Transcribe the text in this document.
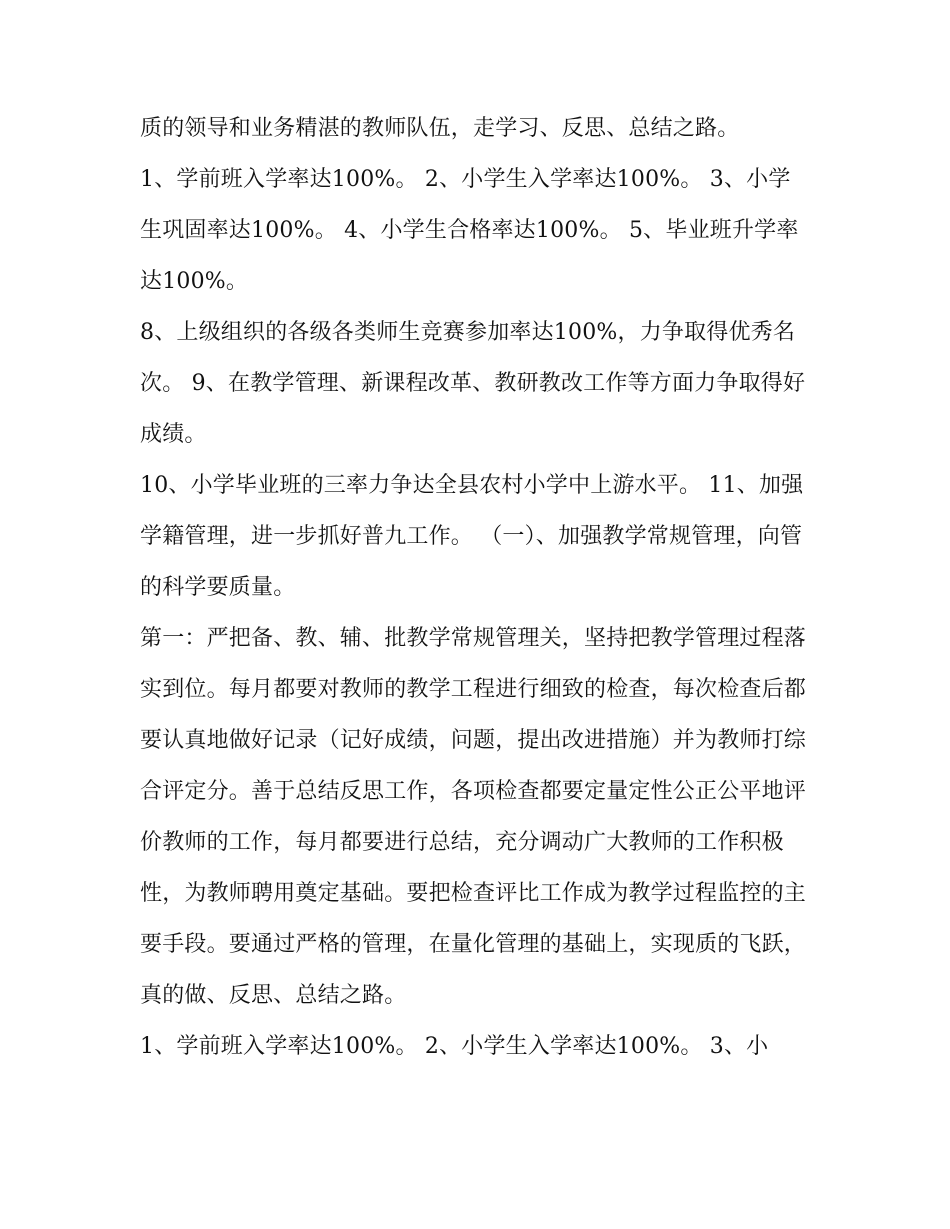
质的领导和业务精湛的教师队伍，走学习、反思、总结之路。

1、学前班入学率达100%。 2、小学生入学率达100%。 3、小学生巩固率达100%。 4、小学生合格率达100%。 5、毕业班升学率达100%。

8、上级组织的各级各类师生竞赛参加率达100%，力争取得优秀名次。 9、在教学管理、新课程改革、教研教改工作等方面力争取得好成绩。

10、小学毕业班的三率力争达全县农村小学中上游水平。 11、加强学籍管理，进一步抓好普九工作。 （一）、加强教学常规管理，向管的科学要质量。

第一：严把备、教、辅、批教学常规管理关，坚持把教学管理过程落实到位。每月都要对教师的教学工程进行细致的检查，每次检查后都要认真地做好记录（记好成绩，问题，提出改进措施）并为教师打综合评定分。善于总结反思工作，各项检查都要定量定性公正公平地评价教师的工作，每月都要进行总结，充分调动广大教师的工作积极性，为教师聘用奠定基础。要把检查评比工作成为教学过程监控的主要手段。要通过严格的管理，在量化管理的基础上，实现质的飞跃，真的做、反思、总结之路。

1、学前班入学率达100%。 2、小学生入学率达100%。 3、小
